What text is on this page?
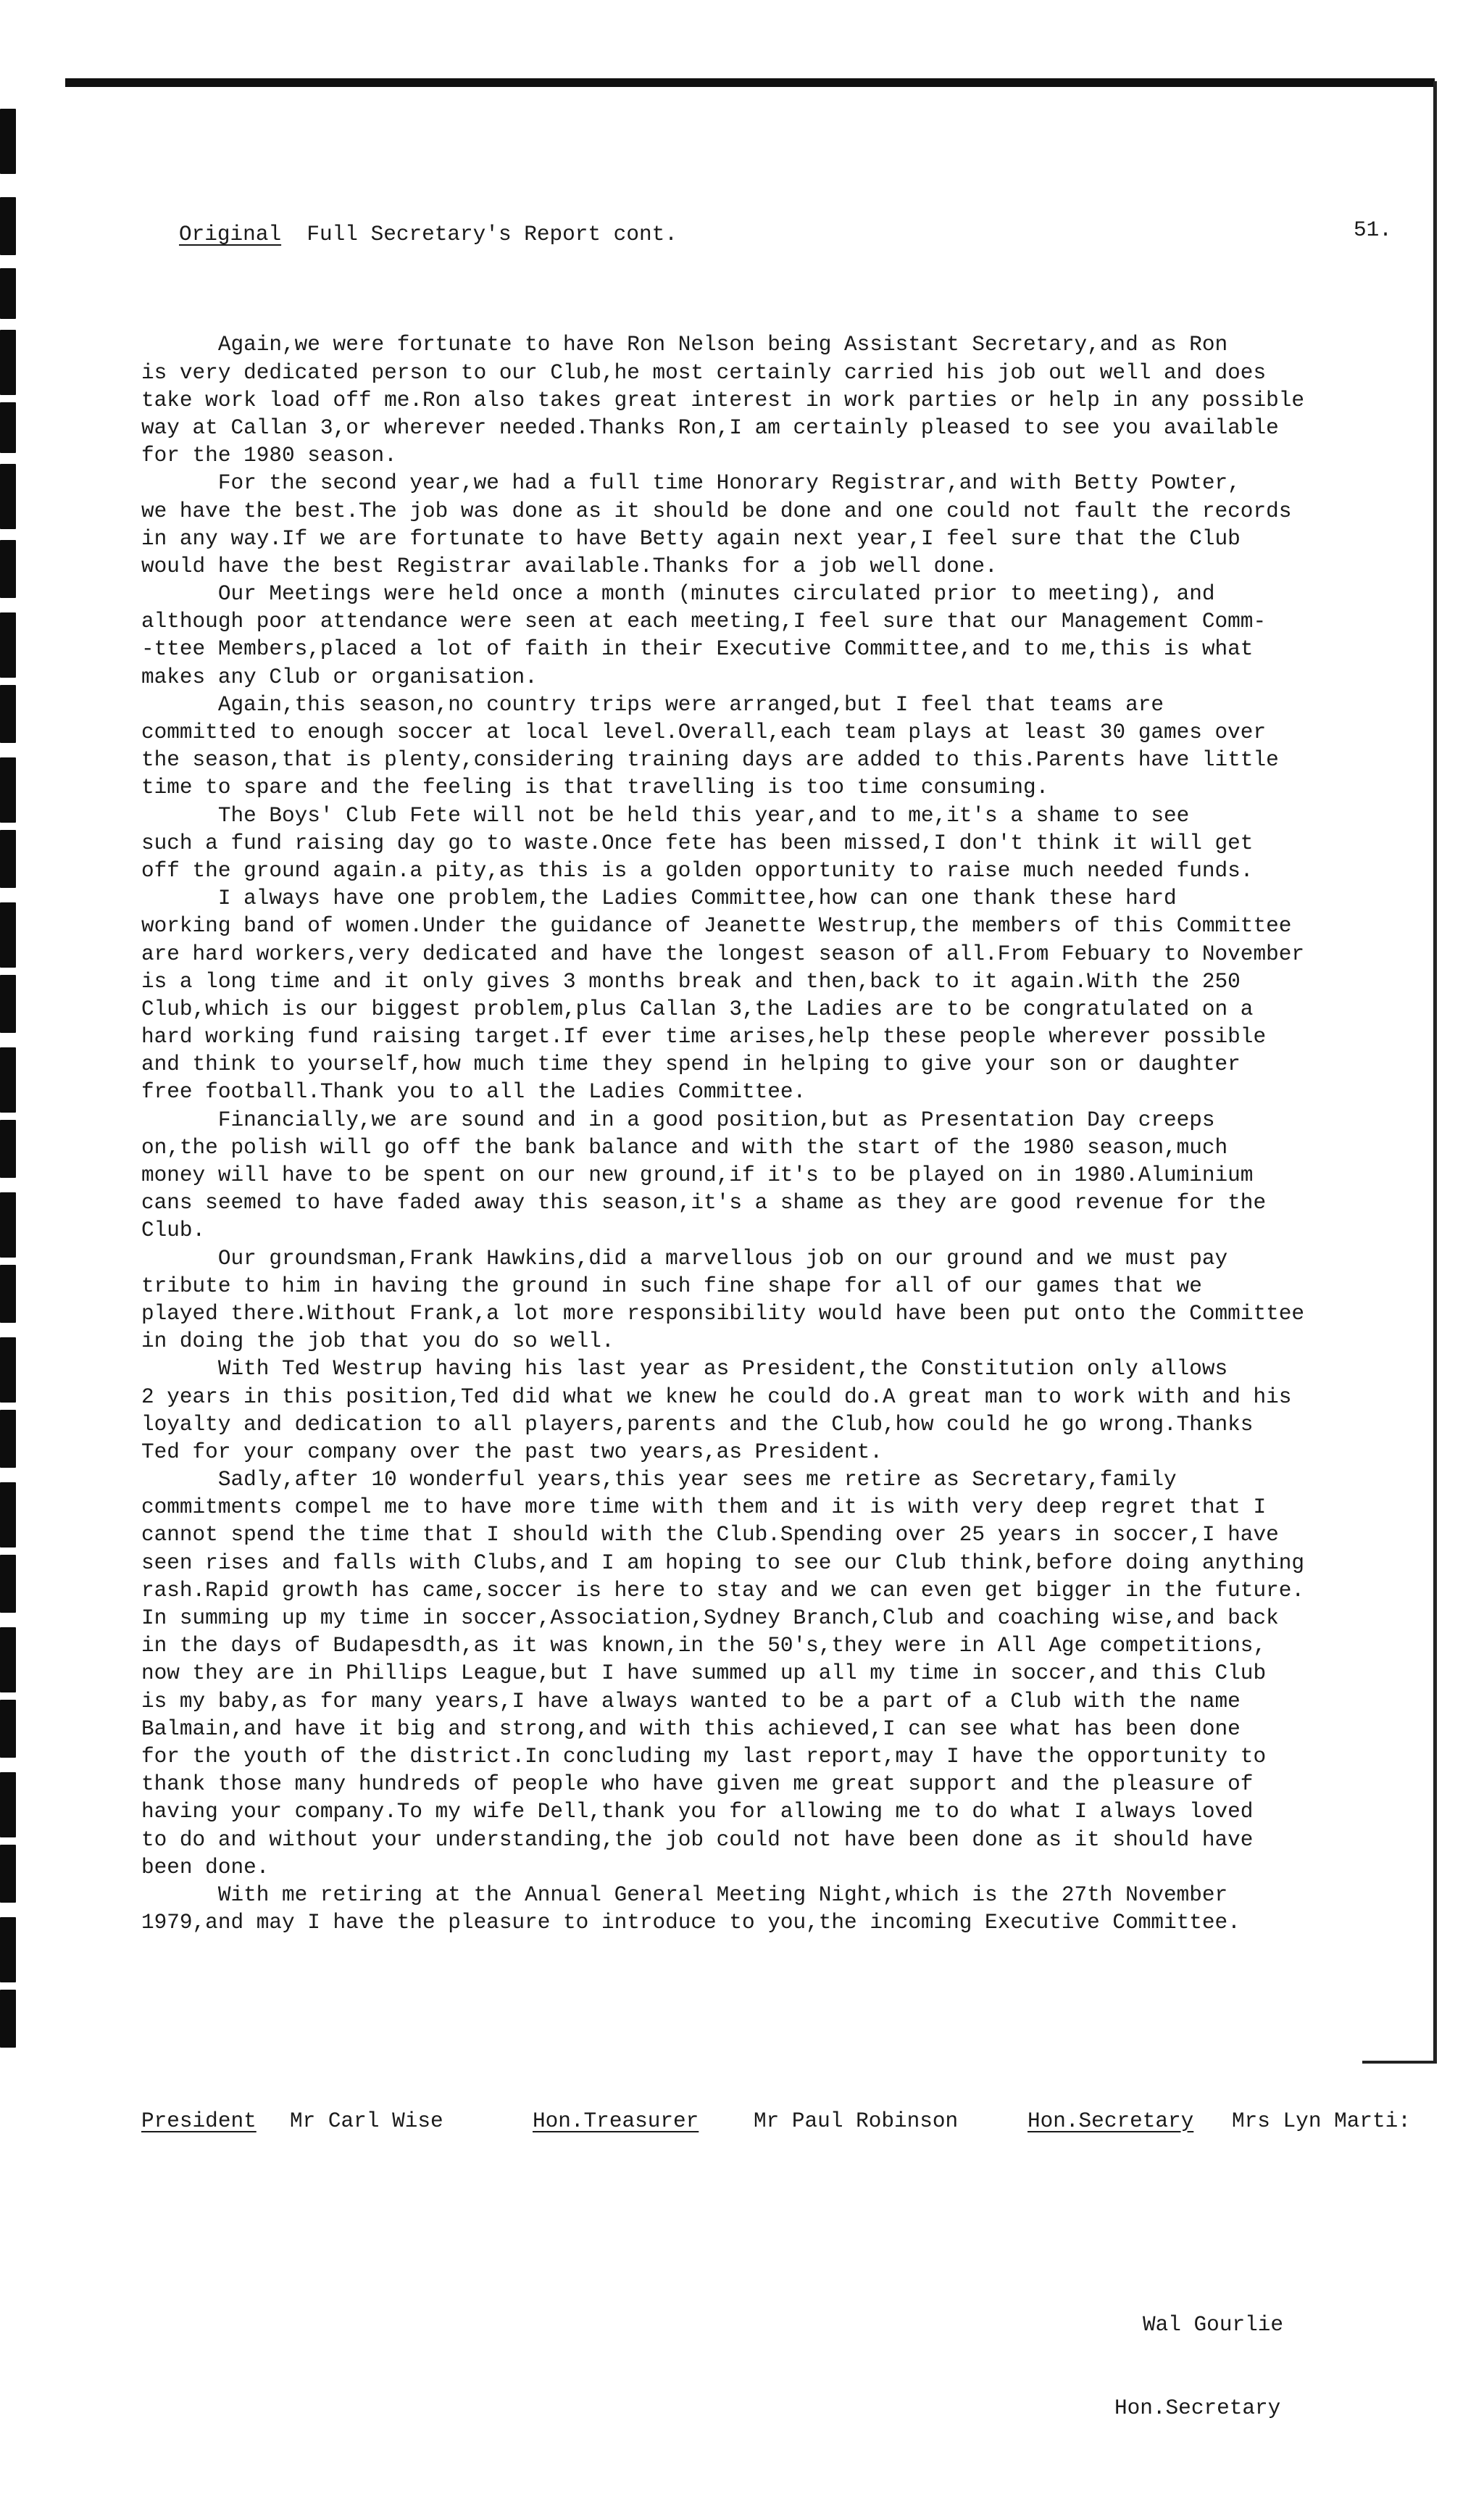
Original Full Secretary's Report cont.

	51.

Again,we were fortunate to have Ron Nelson being Assistant Secretary,and as Ron
is very dedicated person to our Club,he most certainly carried his job out well and does
take work load off me.Ron also takes great interest in work parties or help in any possible
way at Callan 3,or wherever needed.Thanks Ron,I am certainly pleased to see you available
for the 1980 season.
For the second year,we had a full time Honorary Registrar,and with Betty Powter,
we have the best.The job was done as it should be done and one could not fault the records
in any way.If we are fortunate to have Betty again next year,I feel sure that the Club
would have the best Registrar available.Thanks for a job well done.
Our Meetings were held once a month (minutes circulated prior to meeting), and
although poor attendance were seen at each meeting,I feel sure that our Management Comm-
-ttee Members,placed a lot of faith in their Executive Committee,and to me,this is what
makes any Club or organisation.
Again,this season,no country trips were arranged,but I feel that teams are
committed to enough soccer at local level.Overall,each team plays at least 30 games over
the season,that is plenty,considering training days are added to this.Parents have little
time to spare and the feeling is that travelling is too time consuming.
The Boys' Club Fete will not be held this year,and to me,it's a shame to see
such a fund raising day go to waste.Once fete has been missed,I don't think it will get
off the ground again.a pity,as this is a golden opportunity to raise much needed funds.
I always have one problem,the Ladies Committee,how can one thank these hard
working band of women.Under the guidance of Jeanette Westrup,the members of this Committee
are hard workers,very dedicated and have the longest season of all.From Febuary to November
is a long time and it only gives 3 months break and then,back to it again.With the 250
Club,which is our biggest problem,plus Callan 3,the Ladies are to be congratulated on a
hard working fund raising target.If ever time arises,help these people wherever possible
and think to yourself,how much time they spend in helping to give your son or daughter
free football.Thank you to all the Ladies Committee.
Financially,we are sound and in a good position,but as Presentation Day creeps
on,the polish will go off the bank balance and with the start of the 1980 season,much
money will have to be spent on our new ground,if it's to be played on in 1980.Aluminium
cans seemed to have faded away this season,it's a shame as they are good revenue for the
Club.
Our groundsman,Frank Hawkins,did a marvellous job on our ground and we must pay
tribute to him in having the ground in such fine shape for all of our games that we
played there.Without Frank,a lot more responsibility would have been put onto the Committee
in doing the job that you do so well.
With Ted Westrup having his last year as President,the Constitution only allows
2 years in this position,Ted did what we knew he could do.A great man to work with and his
loyalty and dedication to all players,parents and the Club,how could he go wrong.Thanks
Ted for your company over the past two years,as President.
Sadly,after 10 wonderful years,this year sees me retire as Secretary,family
commitments compel me to have more time with them and it is with very deep regret that I
cannot spend the time that I should with the Club.Spending over 25 years in soccer,I have
seen rises and falls with Clubs,and I am hoping to see our Club think,before doing anything
rash.Rapid growth has came,soccer is here to stay and we can even get bigger in the future.
In summing up my time in soccer,Association,Sydney Branch,Club and coaching wise,and back
in the days of Budapesdth,as it was known,in the 50's,they were in All Age competitions,
now they are in Phillips League,but I have summed up all my time in soccer,and this Club
is my baby,as for many years,I have always wanted to be a part of a Club with the name
Balmain,and have it big and strong,and with this achieved,I can see what has been done
for the youth of the district.In concluding my last report,may I have the opportunity to
thank those many hundreds of people who have given me great support and the pleasure of
having your company.To my wife Dell,thank you for allowing me to do what I always loved
to do and without your understanding,the job could not have been done as it should have
been done.
With me retiring at the Annual General Meeting Night,which is the 27th November
1979,and may I have the pleasure to introduce to you,the incoming Executive Committee.

President

Mr Carl Wise

	Hon.Treasurer

	Mr Paul Robinson

	Hon.Secretary

Mrs Lyn Marti:

Wal Gourlie

Hon.Secretary
